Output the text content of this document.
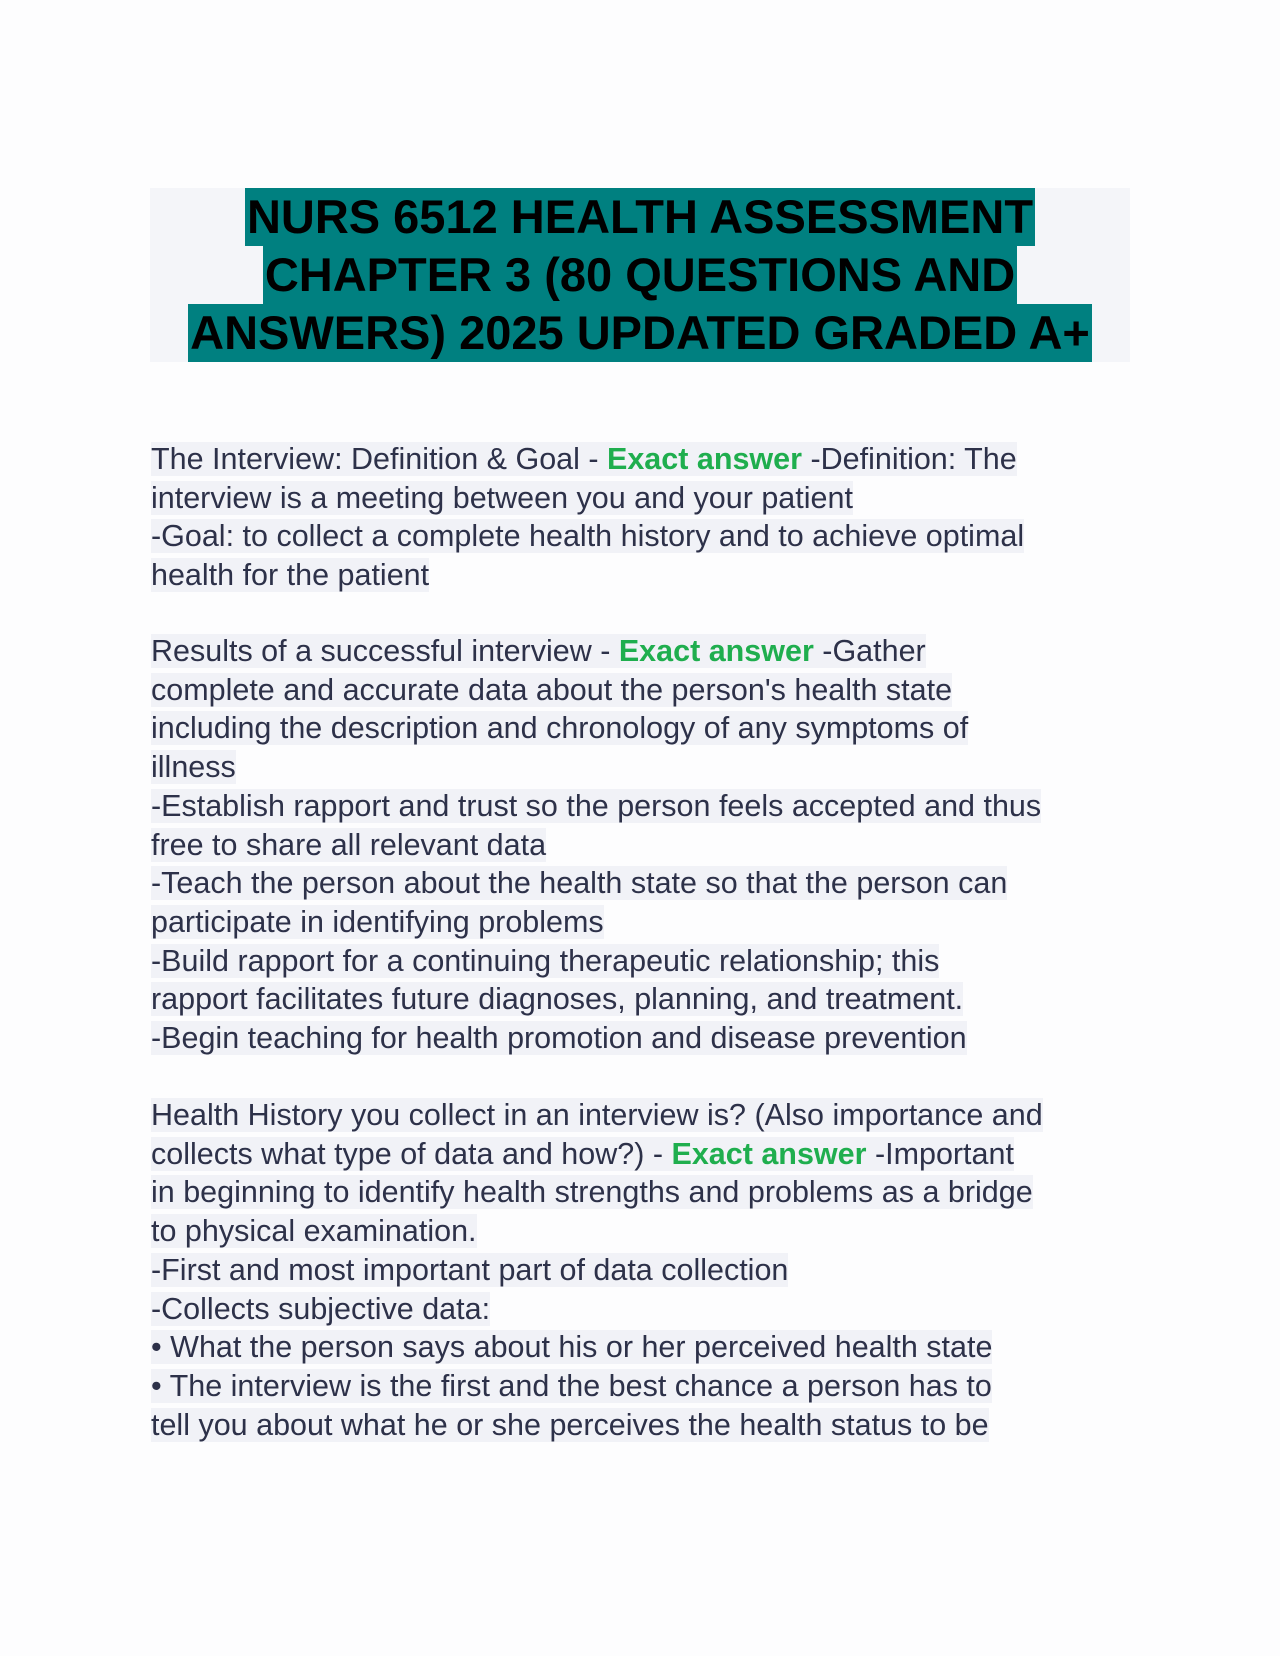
NURS 6512 HEALTH ASSESSMENT
CHAPTER 3 (80 QUESTIONS AND
ANSWERS) 2025 UPDATED GRADED A+
The Interview: Definition & Goal - Exact answer -Definition: The
interview is a meeting between you and your patient
-Goal: to collect a complete health history and to achieve optimal
health for the patient
Results of a successful interview - Exact answer -Gather
complete and accurate data about the person's health state
including the description and chronology of any symptoms of
illness
-Establish rapport and trust so the person feels accepted and thus
free to share all relevant data
-Teach the person about the health state so that the person can
participate in identifying problems
-Build rapport for a continuing therapeutic relationship; this
rapport facilitates future diagnoses, planning, and treatment.
-Begin teaching for health promotion and disease prevention
Health History you collect in an interview is? (Also importance and
collects what type of data and how?) - Exact answer -Important
in beginning to identify health strengths and problems as a bridge
to physical examination.
-First and most important part of data collection
-Collects subjective data:
• What the person says about his or her perceived health state
• The interview is the first and the best chance a person has to
tell you about what he or she perceives the health status to be
